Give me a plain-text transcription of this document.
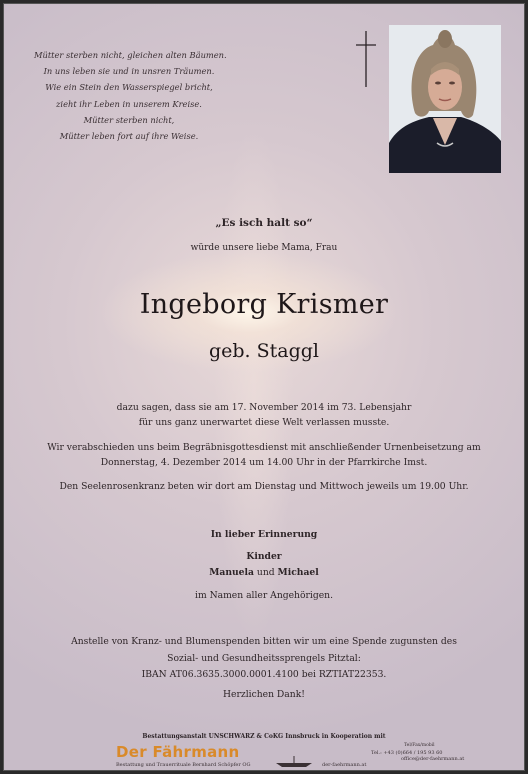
Mütter sterben nicht, gleichen alten Bäumen.
In uns leben sie und in unsren Träumen.
Wie ein Stein den Wasserspiegel bricht,
zieht ihr Leben in unserem Kreise.
Mütter sterben nicht,
Mütter leben fort auf ihre Weise.
„Es isch halt so“
würde unsere liebe Mama, Frau
Ingeborg Krismer
geb. Staggl
dazu sagen, dass sie am 17. November 2014 im 73. Lebensjahr
für uns ganz unerwartet diese Welt verlassen musste.
Wir verabschieden uns beim Begräbnisgottesdienst mit anschließender Urnenbeisetzung am
Donnerstag, 4. Dezember 2014 um 14.00 Uhr in der Pfarrkirche Imst.
Den Seelenrosenkranz beten wir dort am Dienstag und Mittwoch jeweils um 19.00 Uhr.
In lieber Erinnerung
Kinder
Manuela und Michael
im Namen aller Angehörigen.
Anstelle von Kranz- und Blumenspenden bitten wir um eine Spende zugunsten des
Sozial- und Gesundheitssprengels Pitztal:
IBAN AT06.3635.3000.0001.4100 bei RZTIAT22353.
Herzlichen Dank!
Bestattungsanstalt UNSCHWARZ & CoKG Innsbruck in Kooperation mit
Der Fährmann
Bestattung und Trauerrituale Bernhard Schöpfer OG	der-faehrmann.at
Tel/Fax/mobil
Tel.: +43 (0)664 / 195 93 60
office@der-faehrmann.at
